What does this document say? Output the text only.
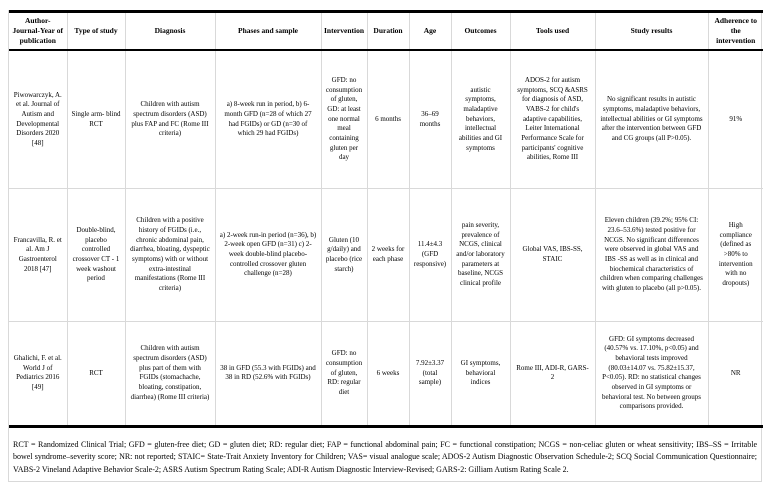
Author- Journal-Year of publication	Type of study	Diagnosis	Phases and sample	Intervention	Duration	Age	Outcomes	Tools used	Study results	Adherence to the intervention
Piwowarczyk, A. et al. Journal of Autism and Developmental Disorders 2020 [48]	Single arm- blind RCT	Children with autism spectrum disorders (ASD) plus FAP and FC (Rome III criteria)	a) 8-week run in period, b) 6-month GFD (n=28 of which 27 had FGIDs) or GD (n=30 of which 29 had FGIDs)	GFD: no consumption of gluten, GD: at least one normal meal containing gluten per day	6 months	36–69 months	autistic symptoms, maladaptive behaviors, intellectual abilities and GI symptoms	ADOS-2 for autism symptoms, SCQ &ASRS for diagnosis of ASD, VABS-2 for child's adaptive capabilities, Leiter International Performance Scale for participants' cognitive abilities, Rome III	No significant results in autistic symptoms, maladaptive behaviors, intellectual abilities or GI symptoms after the intervention between GFD and CG groups (all P>0.05).	91%
Francavilla, R. et al. Am J Gastroenterol 2018 [47]	Double-blind, placebo controlled crossover CT - 1 week washout period	Children with a positive history of FGIDs (i.e., chronic abdominal pain, diarrhea, bloating, dyspeptic symptoms) with or without extra-intestinal manifestations (Rome III criteria)	a) 2-week run-in period (n=36), b) 2-week open GFD (n=31) c) 2-week double-blind placebo-controlled crossover gluten challenge (n=28)	Gluten (10 g/daily) and placebo (rice starch)	2 weeks for each phase	11.4±4.3 (GFD responsive)	pain severity, prevalence of NCGS, clinical and/or laboratory parameters at baseline, NCGS clinical profile	Global VAS, IBS-SS, STAIC	Eleven children (39.2%; 95% CI: 23.6–53.6%) tested positive for NCGS. No significant differences were observed in global VAS and IBS -SS as well as in clinical and biochemical characteristics of children when comparing challenges with gluten to placebo (all p>0.05).	High compliance (defined as >80% to intervention with no dropouts)
Ghalichi, F. et al. World J of Pediatrics 2016 [49]	RCT	Children with autism spectrum disorders (ASD) plus part of them with FGIDs (stomachache, bloating, constipation, diarrhea) (Rome III criteria)	38 in GFD (55.3 with FGIDs) and 38 in RD (52.6% with FGIDs)	GFD: no consumption of gluten, RD: regular diet	6 weeks	7.92±3.37 (total sample)	GI symptoms, behavioral indices	Rome III, ADI-R, GARS-2	GFD: GI symptoms decreased (40.57% vs. 17.10%, p<0.05) and behavioral tests improved (80.03±14.07 vs. 75.82±15.37, P<0.05). RD: no statistical changes observed in GI symptoms or behavioral test. No between groups comparisons provided.	NR
RCT = Randomized Clinical Trial; GFD = gluten-free diet; GD = gluten diet; RD: regular diet; FAP = functional abdominal pain; FC = functional constipation; NCGS = non-celiac gluten or wheat sensitivity; IBS–SS = Irritable bowel syndrome–severity score; NR: not reported; STAIC= State-Trait Anxiety Inventory for Children; VAS= visual analogue scale; ADOS-2 Autism Diagnostic Observation Schedule-2; SCQ Social Communication Questionnaire; VABS-2 Vineland Adaptive Behavior Scale-2; ASRS Autism Spectrum Rating Scale; ADI-R Autism Diagnostic Interview-Revised; GARS-2: Gilliam Autism Rating Scale 2.
